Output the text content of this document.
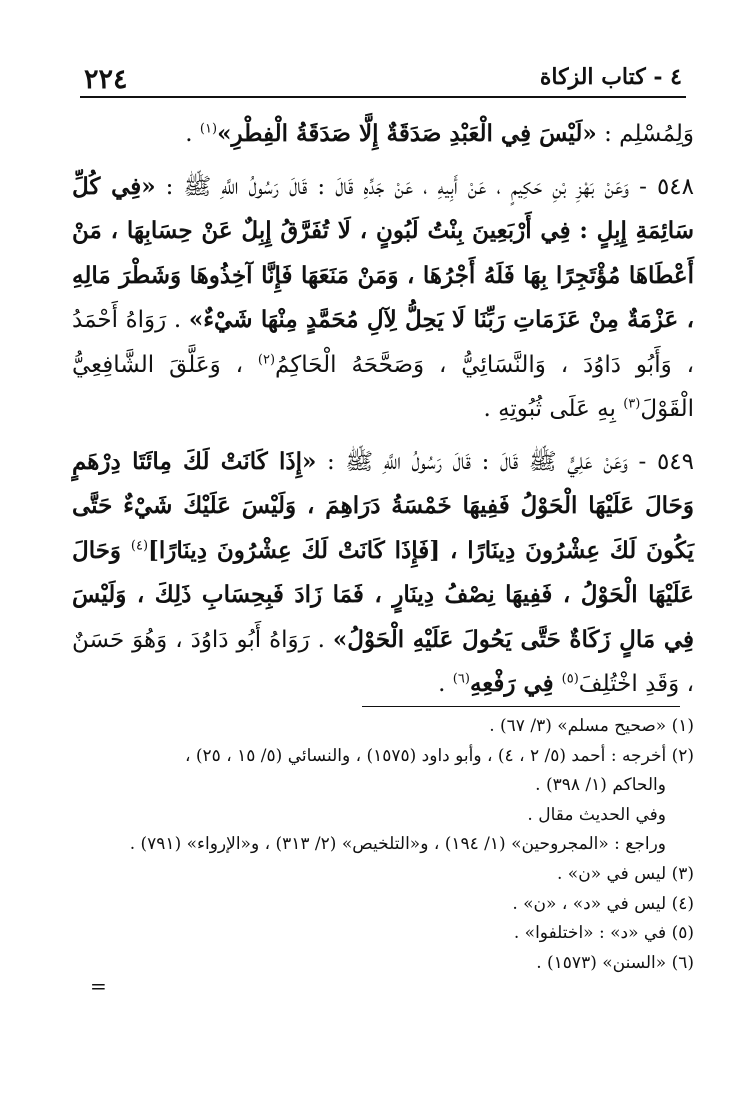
٢٢٤	٤ - كتاب الزكاة

وَلِمُسْلِم : «لَيْسَ فِي الْعَبْدِ صَدَقَةٌ إِلَّا صَدَقَةُ الْفِطْرِ»$^{(١)}$ .

٥٤٨ - وَعَنْ بَهْزِ بْنِ حَكِيمٍ ، عَنْ أَبِيهِ ، عَنْ جَدِّهِ قَالَ : قَالَ رَسُولُ اللَّهِ ﷺ : «فِي كُلِّ سَائِمَةِ إِبِلٍ : فِي أَرْبَعِينَ بِنْتُ لَبُونٍ ، لَا تُفَرَّقُ إِبِلٌ عَنْ حِسَابِهَا ، مَنْ أَعْطَاهَا مُؤْتَجِرًا بِهَا فَلَهُ أَجْرُهَا ، وَمَنْ مَنَعَهَا فَإِنَّا آخِذُوهَا وَشَطْرَ مَالِهِ ، عَزْمَةٌ مِنْ عَزَمَاتِ رَبِّنَا لَا يَحِلُّ لِآلِ مُحَمَّدٍ مِنْهَا شَيْءٌ» . رَوَاهُ أَحْمَدُ ، وَأَبُو دَاوُدَ ، وَالنَّسَائِيُّ ، وَصَحَّحَهُ الْحَاكِمُ$^{(٢)}$ ، وَعَلَّقَ الشَّافِعِيُّ الْقَوْلَ$^{(٣)}$ بِهِ عَلَى ثُبُوتِهِ .

٥٤٩ - وَعَنْ عَلِيٍّ ﷺ قَالَ : قَالَ رَسُولُ اللَّهِ ﷺ : «إِذَا كَانَتْ لَكَ مِائَتَا دِرْهَمٍ وَحَالَ عَلَيْهَا الْحَوْلُ فَفِيهَا خَمْسَةُ دَرَاهِمَ ، وَلَيْسَ عَلَيْكَ شَيْءٌ حَتَّى يَكُونَ لَكَ عِشْرُونَ دِينَارًا ، [فَإِذَا كَانَتْ لَكَ عِشْرُونَ دِينَارًا]$^{(٤)}$ وَحَالَ عَلَيْهَا الْحَوْلُ ، فَفِيهَا نِصْفُ دِينَارٍ ، فَمَا زَادَ فَبِحِسَابِ ذَلِكَ ، وَلَيْسَ فِي مَالٍ زَكَاةٌ حَتَّى يَحُولَ عَلَيْهِ الْحَوْلُ» . رَوَاهُ أَبُو دَاوُدَ ، وَهُوَ حَسَنٌ ، وَقَدِ اخْتُلِفَ$^{(٥)}$ فِي رَفْعِهِ$^{(٦)}$ .

(١) «صحيح مسلم» (٣/ ٦٧) .

(٢) أخرجه : أحمد (٥/ ٢ ، ٤) ، وأبو داود (١٥٧٥) ، والنسائي (٥/ ١٥ ، ٢٥) ،

والحاكم (١/ ٣٩٨) .

وفي الحديث مقال .

وراجع : «المجروحين» (١/ ١٩٤) ، و«التلخيص» (٢/ ٣١٣) ، و«الإرواء» (٧٩١) .

(٣) ليس في «ن» .

(٤) ليس في «د» ، «ن» .

(٥) في «د» : «اختلفوا» .

(٦) «السنن» (١٥٧٣) .

=
